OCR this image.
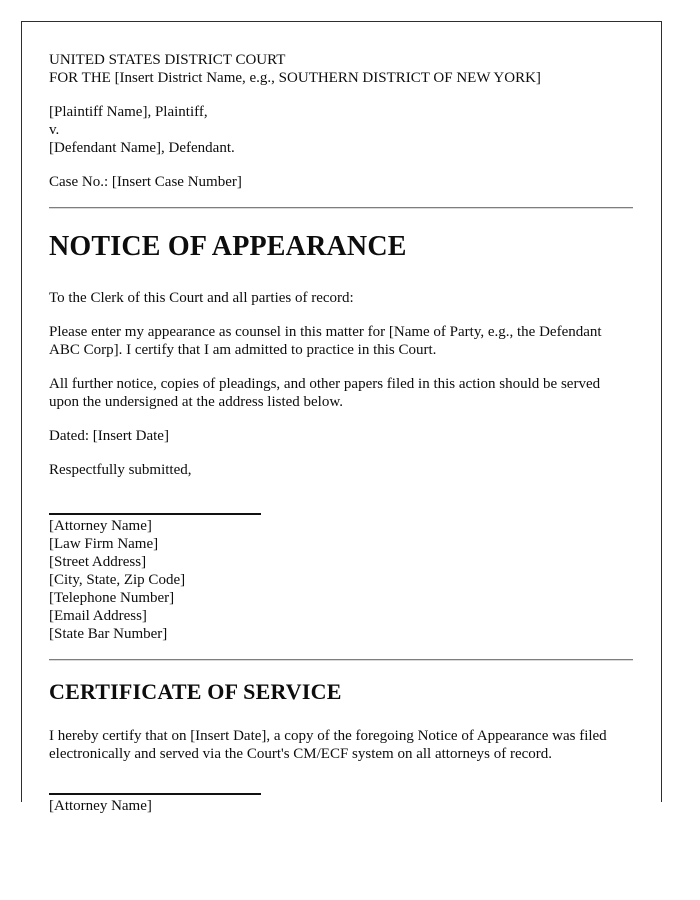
UNITED STATES DISTRICT COURT
FOR THE [Insert District Name, e.g., SOUTHERN DISTRICT OF NEW YORK]

[Plaintiff Name], Plaintiff,
v.
[Defendant Name], Defendant.

Case No.: [Insert Case Number]

NOTICE OF APPEARANCE

To the Clerk of this Court and all parties of record:

Please enter my appearance as counsel in this matter for [Name of Party, e.g., the Defendant ABC Corp]. I certify that I am admitted to practice in this Court.

All further notice, copies of pleadings, and other papers filed in this action should be served upon the undersigned at the address listed below.

Dated: [Insert Date]

Respectfully submitted,

[Attorney Name]
[Law Firm Name]
[Street Address]
[City, State, Zip Code]
[Telephone Number]
[Email Address]
[State Bar Number]
CERTIFICATE OF SERVICE

I hereby certify that on [Insert Date], a copy of the foregoing Notice of Appearance was filed electronically and served via the Court's CM/ECF system on all attorneys of record.

[Attorney Name]
